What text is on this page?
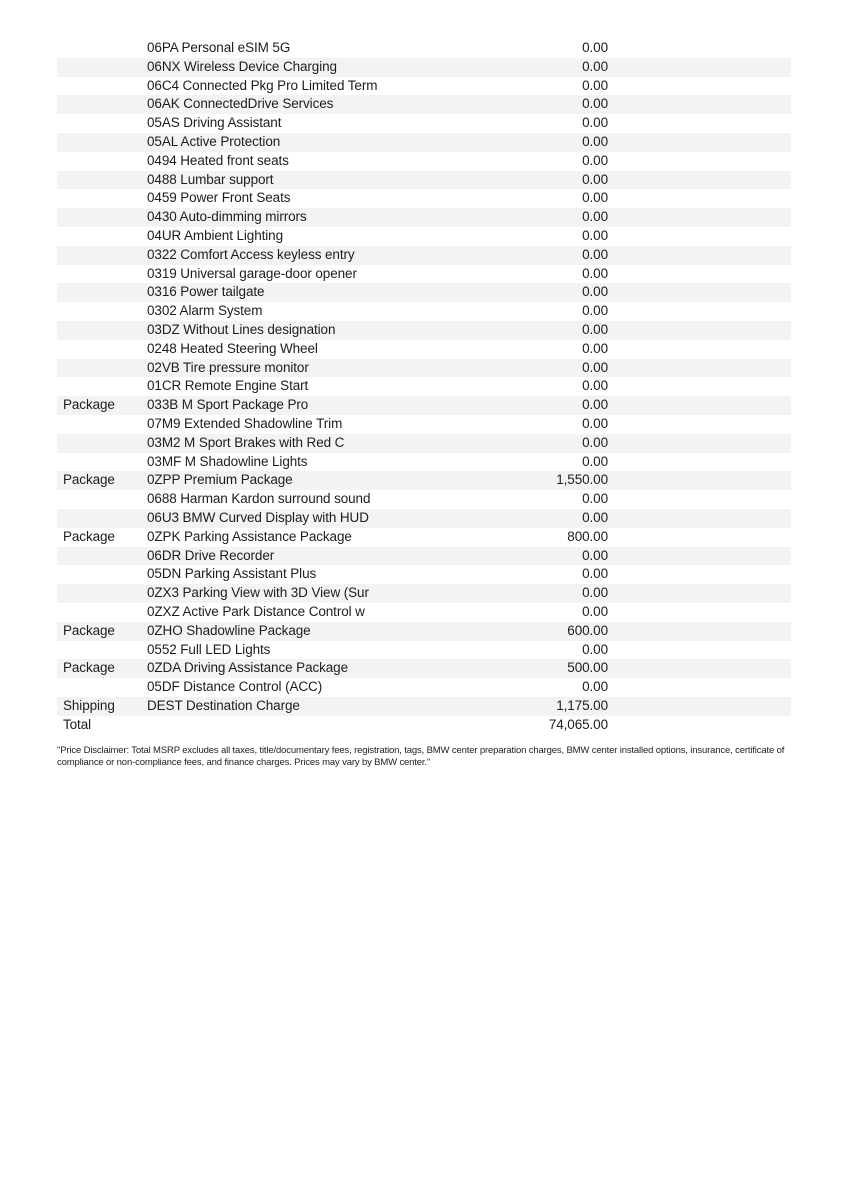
06PA Personal eSIM 5G	0.00
06NX Wireless Device Charging	0.00
06C4 Connected Pkg Pro Limited Term	0.00
06AK ConnectedDrive Services	0.00
05AS Driving Assistant	0.00
05AL Active Protection	0.00
0494 Heated front seats	0.00
0488 Lumbar support	0.00
0459 Power Front Seats	0.00
0430 Auto-dimming mirrors	0.00
04UR Ambient Lighting	0.00
0322 Comfort Access keyless entry	0.00
0319 Universal garage-door opener	0.00
0316 Power tailgate	0.00
0302 Alarm System	0.00
03DZ Without Lines designation	0.00
0248 Heated Steering Wheel	0.00
02VB Tire pressure monitor	0.00
01CR Remote Engine Start	0.00
Package	033B M Sport Package Pro	0.00
07M9 Extended Shadowline Trim	0.00
03M2 M Sport Brakes with Red C	0.00
03MF M Shadowline Lights	0.00
Package	0ZPP Premium Package	1,550.00
0688 Harman Kardon surround sound	0.00
06U3 BMW Curved Display with HUD	0.00
Package	0ZPK Parking Assistance Package	800.00
06DR Drive Recorder	0.00
05DN Parking Assistant Plus	0.00
0ZX3 Parking View with 3D View (Sur	0.00
0ZXZ Active Park Distance Control w	0.00
Package	0ZHO Shadowline Package	600.00
0552 Full LED Lights	0.00
Package	0ZDA Driving Assistance Package	500.00
05DF Distance Control (ACC)	0.00
Shipping	DEST Destination Charge	1,175.00
Total	74,065.00
"Price Disclaimer: Total MSRP excludes all taxes, title/documentary fees, registration, tags, BMW center preparation charges, BMW center installed options, insurance, certificate of compliance or non-compliance fees, and finance charges. Prices may vary by BMW center."
